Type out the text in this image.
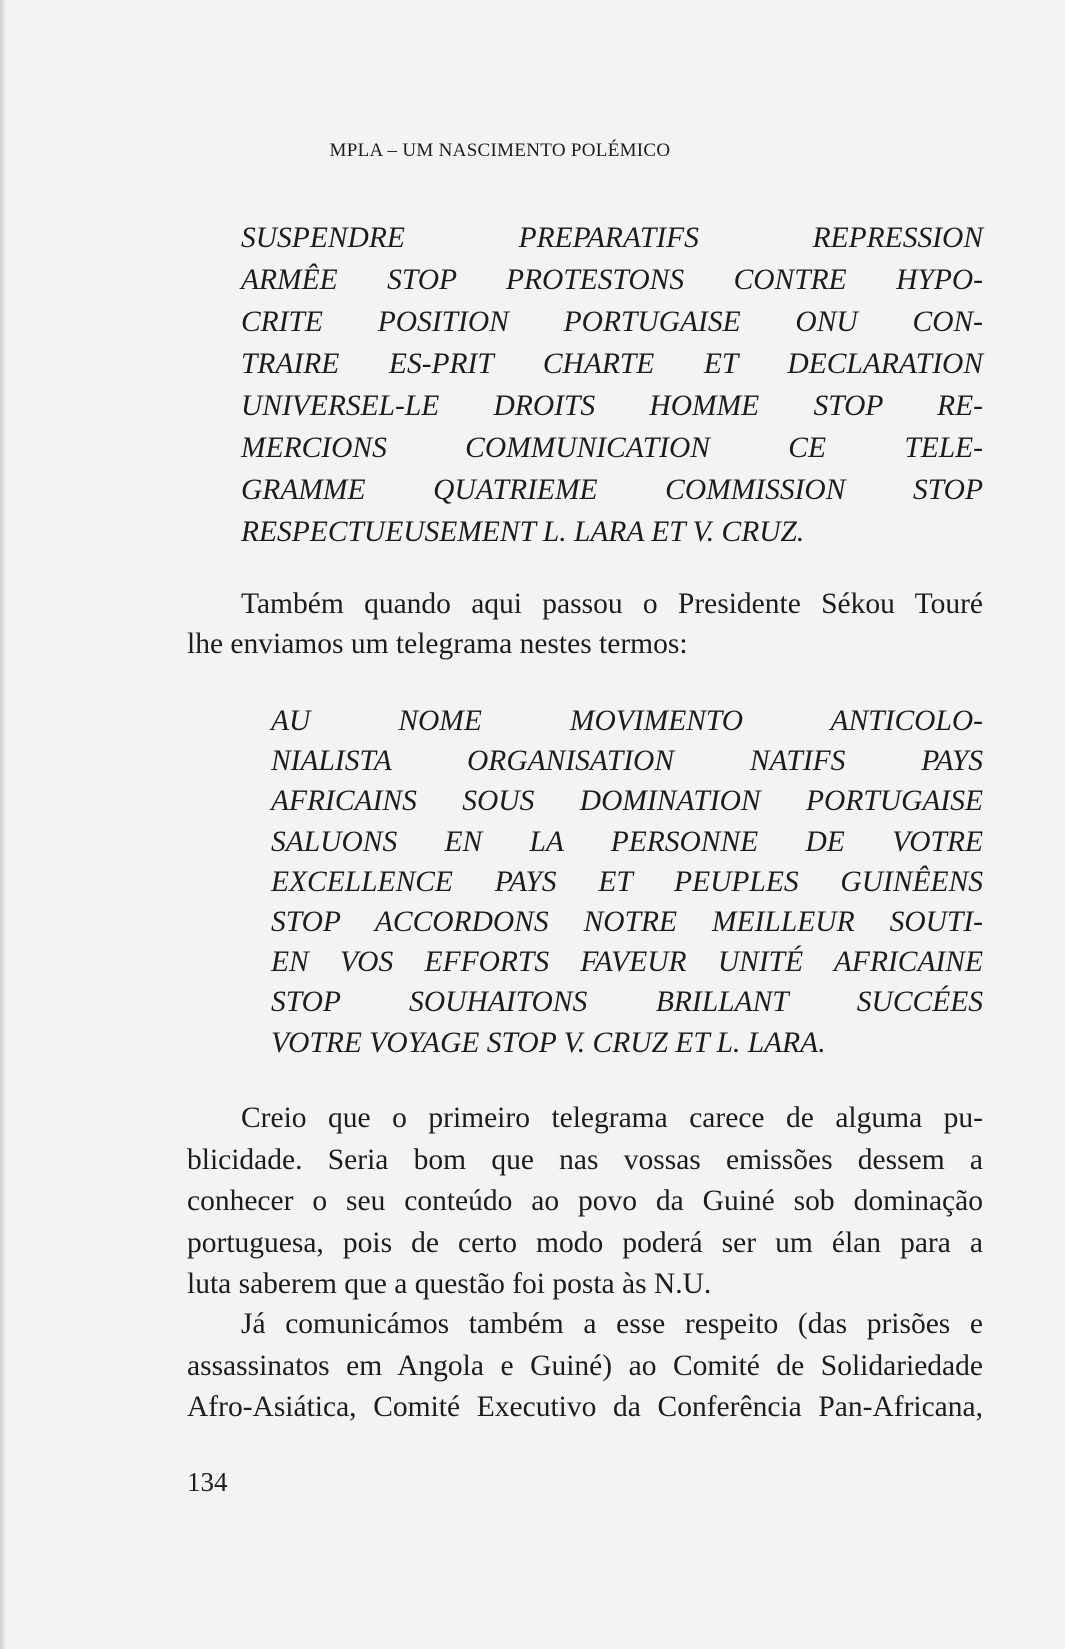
MPLA – UM NASCIMENTO POLÉMICO
SUSPENDRE PREPARATIFS REPRESSION
ARMÊE STOP PROTESTONS CONTRE HYPO-
CRITE POSITION PORTUGAISE ONU CON-
TRAIRE ES-PRIT CHARTE ET DECLARATION
UNIVERSEL-LE DROITS HOMME STOP RE-
MERCIONS COMMUNICATION CE TELE-
GRAMME QUATRIEME COMMISSION STOP
RESPECTUEUSEMENT L. LARA ET V. CRUZ.
Também quando aqui passou o Presidente Sékou Touré
lhe enviamos um telegrama nestes termos:
AU NOME MOVIMENTO ANTICOLO-
NIALISTA ORGANISATION NATIFS PAYS
AFRICAINS SOUS DOMINATION PORTUGAISE
SALUONS EN LA PERSONNE DE VOTRE
EXCELLENCE PAYS ET PEUPLES GUINÊENS
STOP ACCORDONS NOTRE MEILLEUR SOUTI-
EN VOS EFFORTS FAVEUR UNITÉ AFRICAINE
STOP SOUHAITONS BRILLANT SUCCÉES
VOTRE VOYAGE STOP V. CRUZ ET L. LARA.
Creio que o primeiro telegrama carece de alguma pu-
blicidade. Seria bom que nas vossas emissões dessem a
conhecer o seu conteúdo ao povo da Guiné sob dominação
portuguesa, pois de certo modo poderá ser um élan para a
luta saberem que a questão foi posta às N.U.
Já comunicámos também a esse respeito (das prisões e
assassinatos em Angola e Guiné) ao Comité de Solidariedade
Afro-Asiática, Comité Executivo da Conferência Pan-Africana,
134
